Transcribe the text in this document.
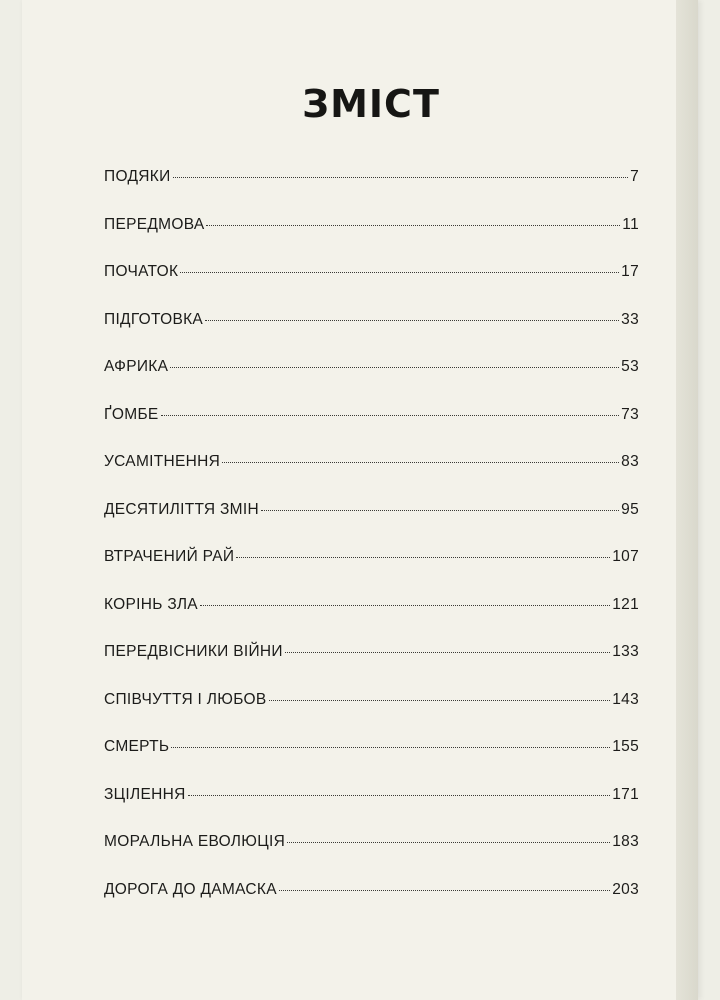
ЗМІСТ
ПОДЯКИ	7
ПЕРЕДМОВА	11
ПОЧАТОК	17
ПІДГОТОВКА	33
АФРИКА	53
ҐОМБЕ	73
УСАМІТНЕННЯ	83
ДЕСЯТИЛІТТЯ ЗМІН	95
ВТРАЧЕНИЙ РАЙ	107
КОРІНЬ ЗЛА	121
ПЕРЕДВІСНИКИ ВІЙНИ	133
СПІВЧУТТЯ І ЛЮБОВ	143
СМЕРТЬ	155
ЗЦІЛЕННЯ	171
МОРАЛЬНА ЕВОЛЮЦІЯ	183
ДОРОГА ДО ДАМАСКА	203
